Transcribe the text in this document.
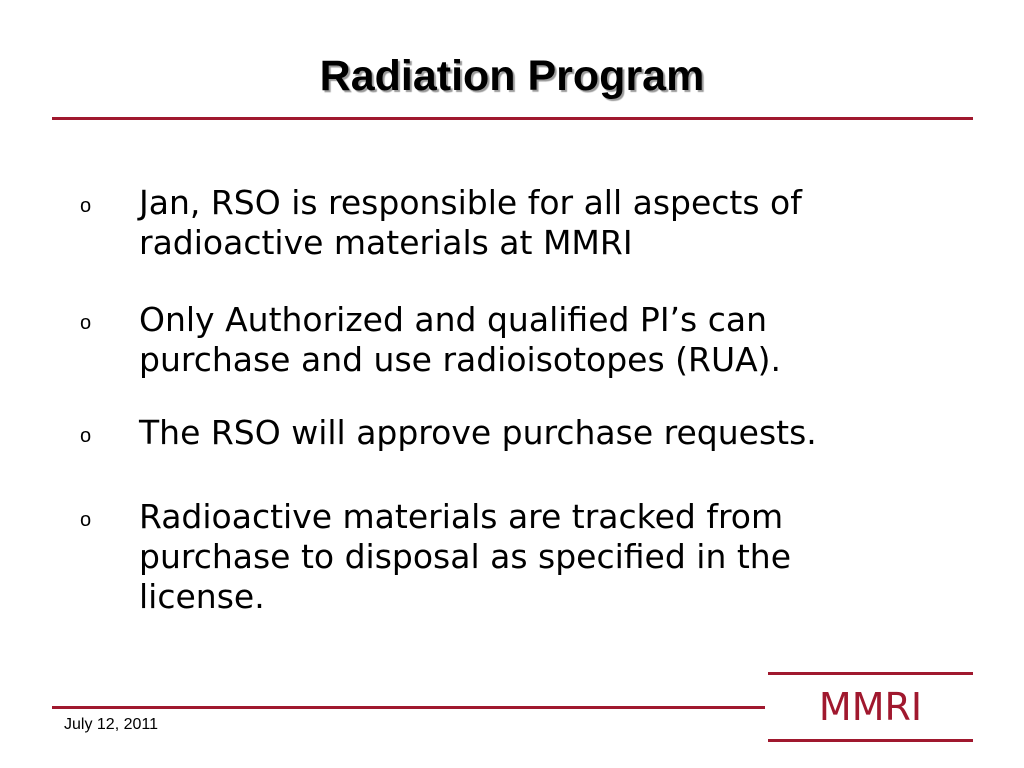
Radiation Program
o Jan, RSO is responsible for all aspects of
radioactive materials at MMRI
o Only Authorized and qualified PI’s can
purchase and use radioisotopes (RUA).
o The RSO will approve purchase requests.
o Radioactive materials are tracked from
purchase to disposal as specified in the
license.
July 12, 2011	MMRI
